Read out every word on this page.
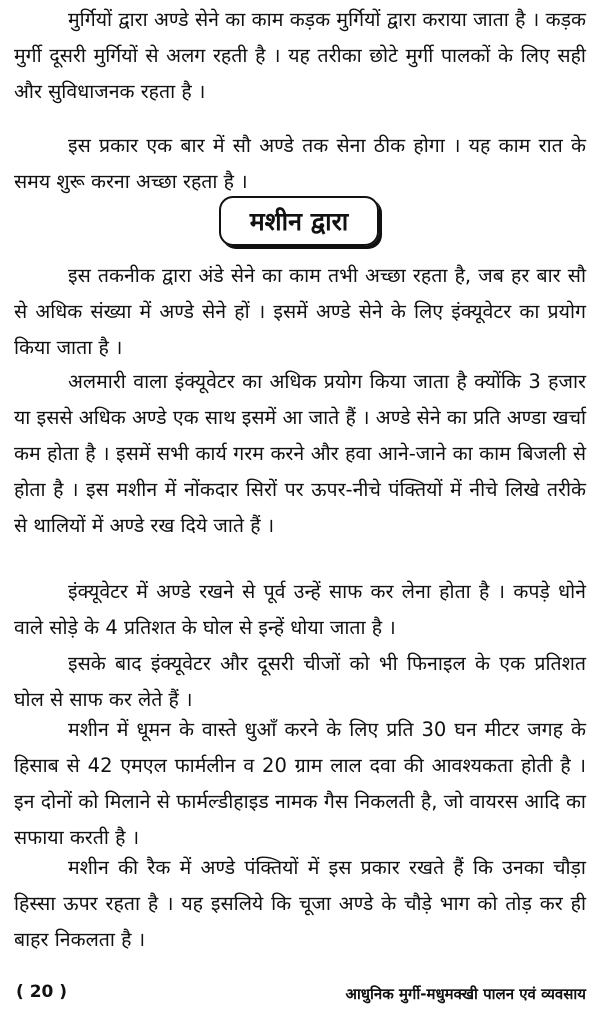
मुर्गियों द्वारा अण्डे सेने का काम कड़क मुर्गियों द्वारा कराया जाता है । कड़क मुर्गी दूसरी मुर्गियों से अलग रहती है । यह तरीका छोटे मुर्गी पालकों के लिए सही और सुविधाजनक रहता है ।

इस प्रकार एक बार में सौ अण्डे तक सेना ठीक होगा । यह काम रात के समय शुरू करना अच्छा रहता है ।

मशीन द्वारा

इस तकनीक द्वारा अंडे सेने का काम तभी अच्छा रहता है, जब हर बार सौ से अधिक संख्या में अण्डे सेने हों । इसमें अण्डे सेने के लिए इंक्यूवेटर का प्रयोग किया जाता है ।

अलमारी वाला इंक्यूवेटर का अधिक प्रयोग किया जाता है क्योंकि 3 हजार या इससे अधिक अण्डे एक साथ इसमें आ जाते हैं । अण्डे सेने का प्रति अण्डा खर्चा कम होता है । इसमें सभी कार्य गरम करने और हवा आने-जाने का काम बिजली से होता है । इस मशीन में नोंकदार सिरों पर ऊपर-नीचे पंक्तियों में नीचे लिखे तरीके से थालियों में अण्डे रख दिये जाते हैं ।

इंक्यूवेटर में अण्डे रखने से पूर्व उन्हें साफ कर लेना होता है । कपड़े धोने वाले सोड़े के 4 प्रतिशत के घोल से इन्हें धोया जाता है ।

इसके बाद इंक्यूवेटर और दूसरी चीजों को भी फिनाइल के एक प्रतिशत घोल से साफ कर लेते हैं ।

मशीन में धूमन के वास्ते धुआँ करने के लिए प्रति 30 घन मीटर जगह के हिसाब से 42 एमएल फार्मलीन व 20 ग्राम लाल दवा की आवश्यकता होती है । इन दोनों को मिलाने से फार्मल्डीहाइड नामक गैस निकलती है, जो वायरस आदि का सफाया करती है ।

मशीन की रैक में अण्डे पंक्तियों में इस प्रकार रखते हैं कि उनका चौड़ा हिस्सा ऊपर रहता है । यह इसलिये कि चूजा अण्डे के चौड़े भाग को तोड़ कर ही बाहर निकलता है ।

( 20 )	आधुनिक मुर्गी-मधुमक्खी पालन एवं व्यवसाय
